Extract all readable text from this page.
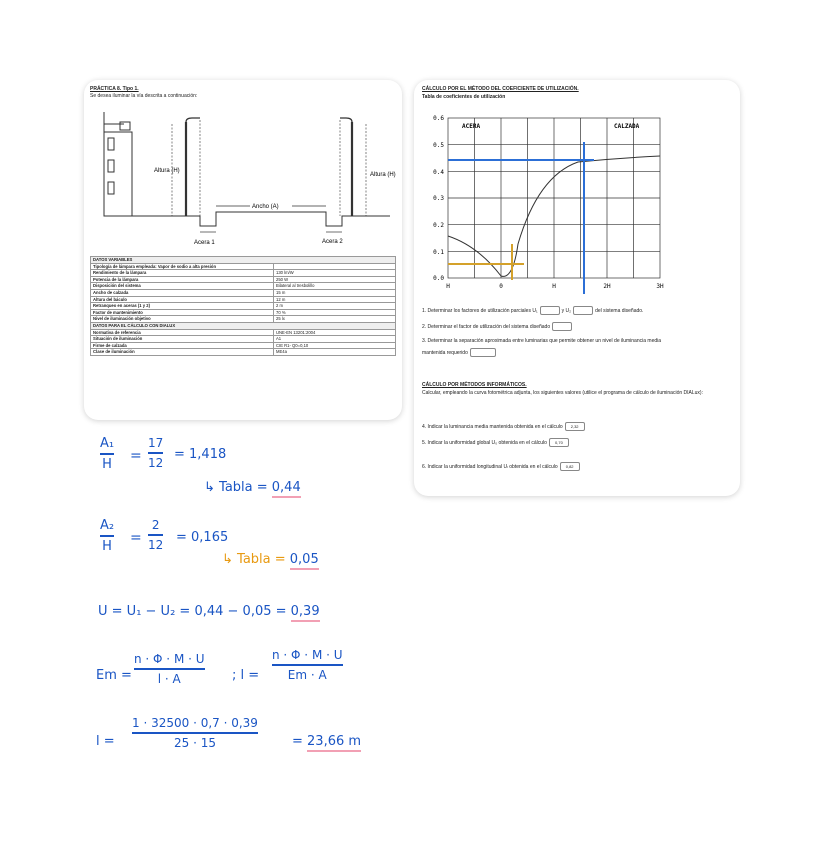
PRÁCTICA 8. Tipo 1.
Se desea iluminar la vía descrita a continuación:
Altura (H)
Altura (H)
Ancho (A)
Acera 1	Acera 2
DATOS VARIABLES	
Tipología de lámpara empleada: Vapor de sodio a alta presión	
Rendimiento de la lámpara	130 lm/W
Potencia de la lámpara	250 W
Disposición del sistema	Bilateral al tresbolillo
Ancho de calzada	15 m
Altura del báculo	12 m
Retranqueo en aceras (1 y 2)	2 m
Factor de mantenimiento	70 %
Nivel de iluminación objetivo	25 lx
DATOS PARA EL CÁLCULO CON DIALUX	
Normativa de referencia	UNE-EN 13201:2004
Situación de iluminación	A1
Firme de calzada	CIE R1- Q0=0,10
Clase de iluminación	ME4a
CÁLCULO POR EL MÉTODO DEL COEFICIENTE DE UTILIZACIÓN.
Tabla de coeficientes de utilización
ACERA	CALZADA
0.6
0.5
0.4
0.3
0.2
0.1
0.0
H	0	H	2H	3H
1. Determinar los factores de utilización parciales U₁	y U₂	del sistema diseñado.
2. Determinar el factor de utilización del sistema diseñado
3. Determinar la separación aproximada entre luminarias que permite obtener un nivel de iluminancia media
mantenida requerido
CÁLCULO POR MÉTODOS INFORMÁTICOS.
Calcular, empleando la curva fotométrica adjunta, los siguientes valores (utilice el programa de cálculo de iluminación DIALux):
4. Indicar la luminancia media mantenida obtenida en el cálculo 2,32
5. Indicar la uniformidad global U₀ obtenida en el cálculo 0,70
6. Indicar la uniformidad longitudinal Uₗ obtenida en el cálculo 0,82
A₁
H
=
17
12
= 1,418
↳ Tabla = 0,44
A₂
H
=
2
12 = 0,165
↳ Tabla = 0,05
U = U₁ − U₂ = 0,44 − 0,05 = 0,39
Em =
n · Φ · M · U
l · A	; l =
n · Φ · M · U
Em · A
l =
1 · 32500 · 0,7 · 0,39
25 · 15	= 23,66 m
